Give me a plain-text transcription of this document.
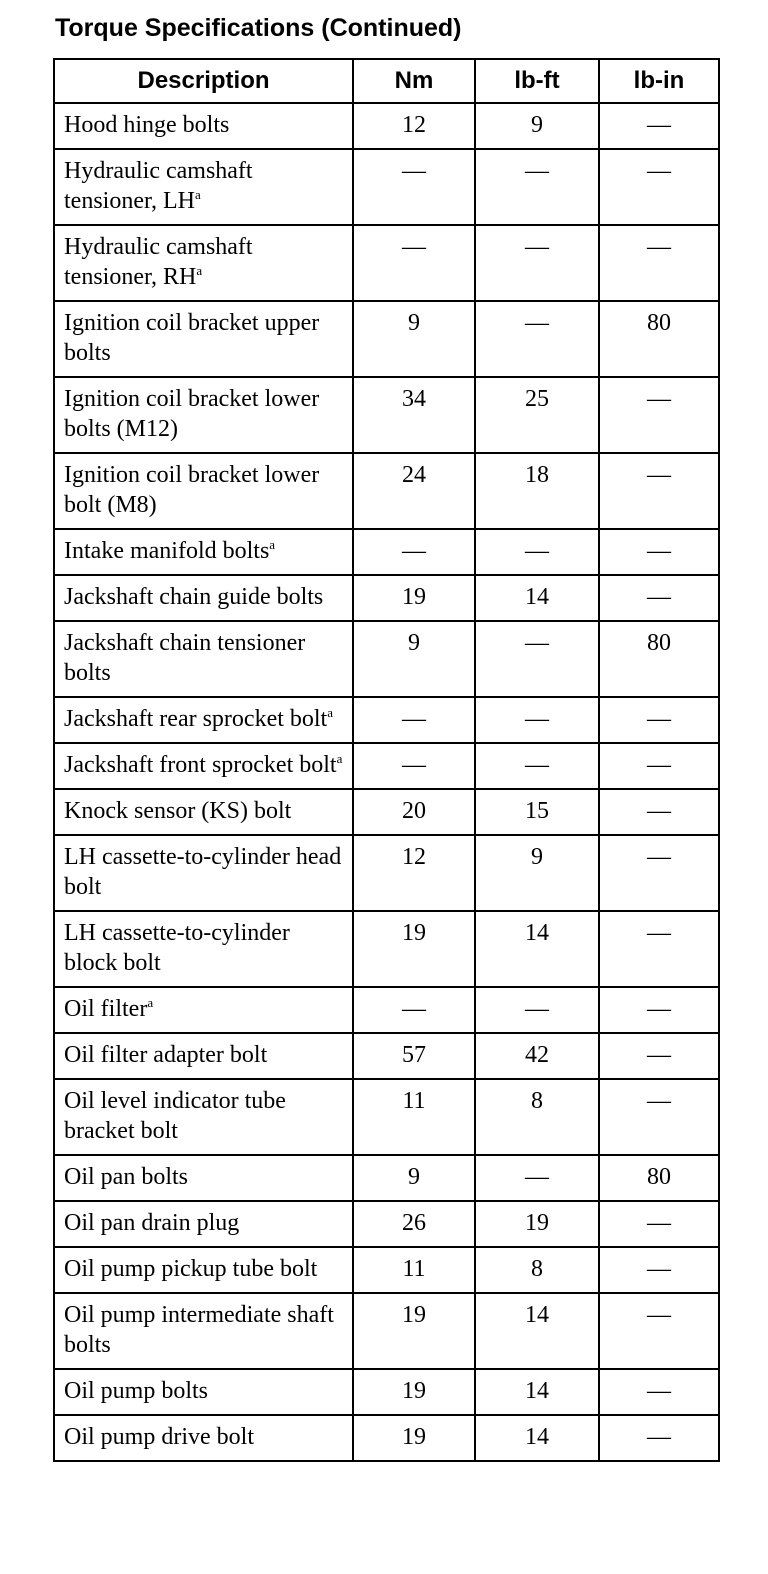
Torque Specifications (Continued)
Description	Nm	lb-ft	lb-in
Hood hinge bolts	12	9	—
Hydraulic camshaft tensioner, LH$^a$	—	—	—
Hydraulic camshaft tensioner, RH$^a$	—	—	—
Ignition coil bracket upper bolts	9	—	80
Ignition coil bracket lower bolts (M12)	34	25	—
Ignition coil bracket lower bolt (M8)	24	18	—
Intake manifold bolts$^a$	—	—	—
Jackshaft chain guide bolts	19	14	—
Jackshaft chain tensioner bolts	9	—	80
Jackshaft rear sprocket bolt$^a$	—	—	—
Jackshaft front sprocket bolt$^a$	—	—	—
Knock sensor (KS) bolt	20	15	—
LH cassette-to-cylinder head bolt	12	9	—
LH cassette-to-cylinder block bolt	19	14	—
Oil filter$^a$	—	—	—
Oil filter adapter bolt	57	42	—
Oil level indicator tube bracket bolt	11	8	—
Oil pan bolts	9	—	80
Oil pan drain plug	26	19	—
Oil pump pickup tube bolt	11	8	—
Oil pump intermediate shaft bolts	19	14	—
Oil pump bolts	19	14	—
Oil pump drive bolt	19	14	—
